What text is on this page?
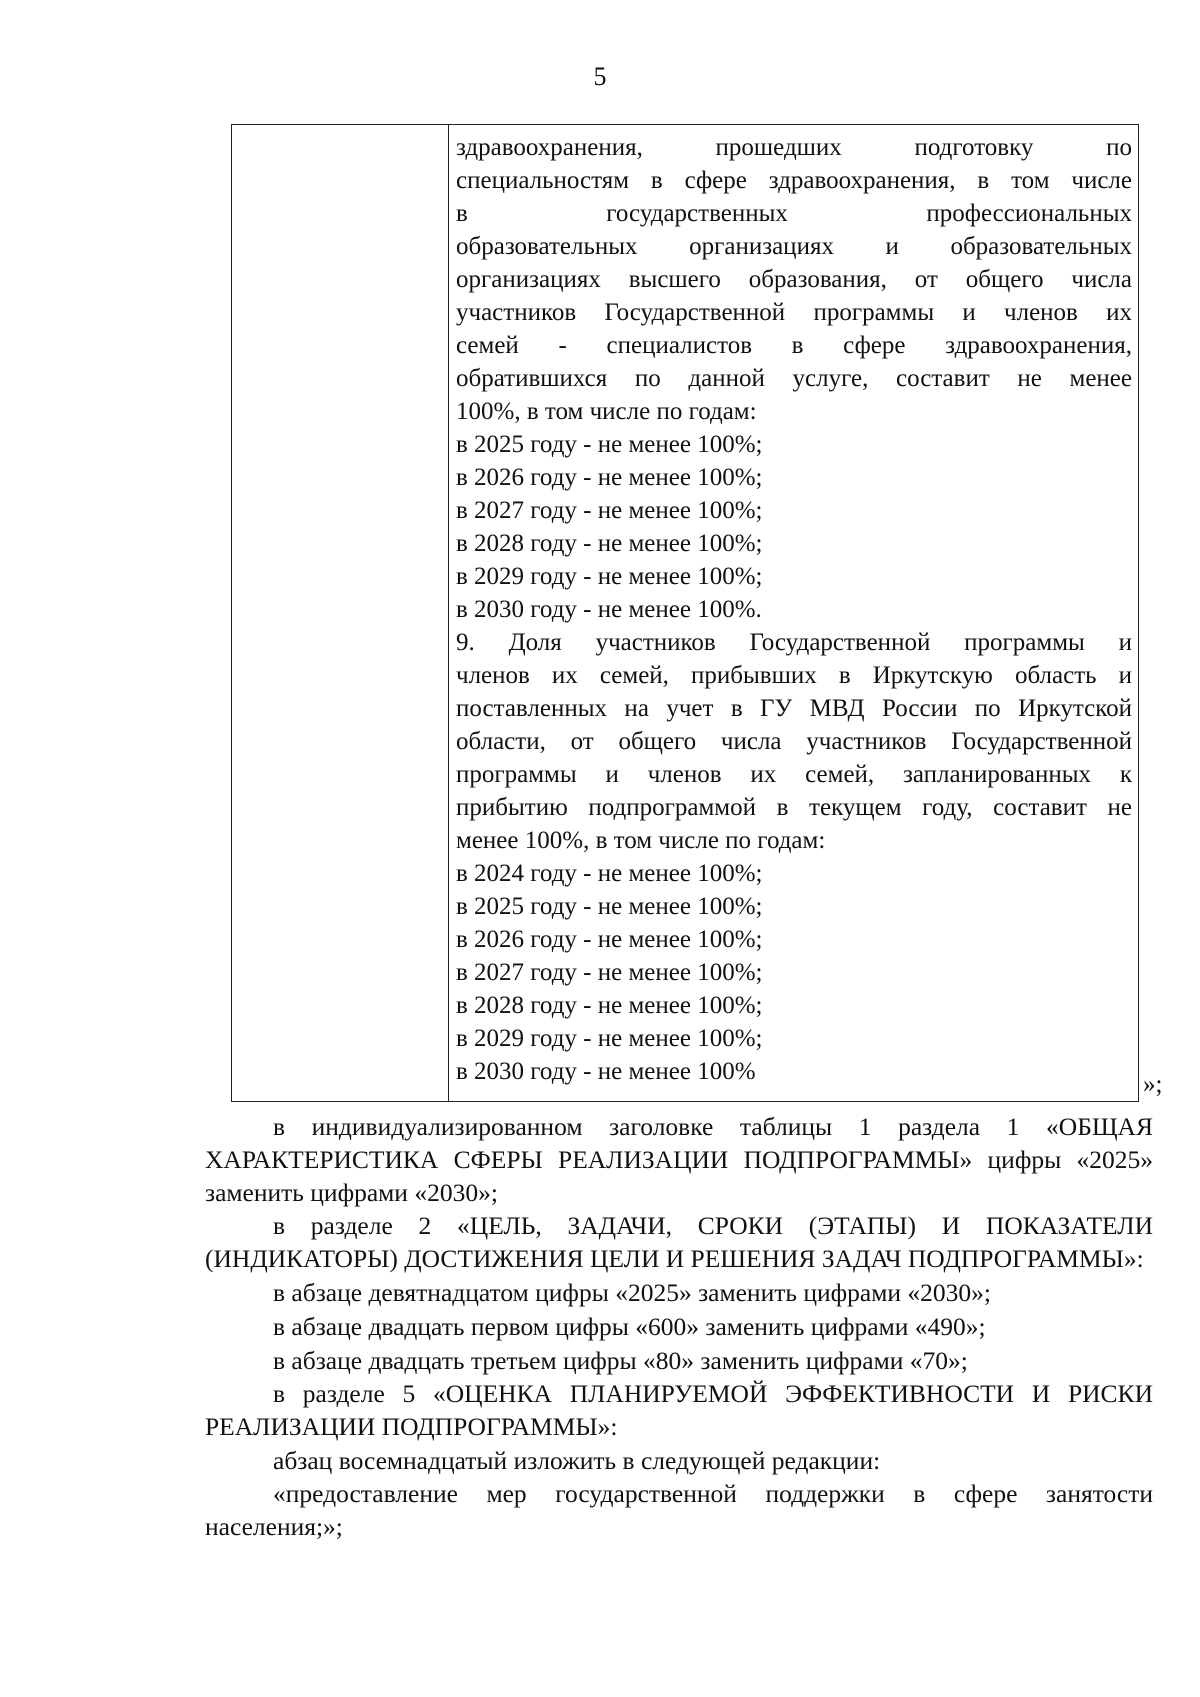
5
здравоохранения, прошедших подготовку по
специальностям в сфере здравоохранения, в том числе
в государственных профессиональных
образовательных организациях и образовательных
организациях высшего образования, от общего числа
участников Государственной программы и членов их
семей - специалистов в сфере здравоохранения,
обратившихся по данной услуге, составит не менее
100%, в том числе по годам:
в 2025 году - не менее 100%;
в 2026 году - не менее 100%;
в 2027 году - не менее 100%;
в 2028 году - не менее 100%;
в 2029 году - не менее 100%;
в 2030 году - не менее 100%.
9. Доля участников Государственной программы и
членов их семей, прибывших в Иркутскую область и
поставленных на учет в ГУ МВД России по Иркутской
области, от общего числа участников Государственной
программы и членов их семей, запланированных к
прибытию подпрограммой в текущем году, составит не
менее 100%, в том числе по годам:
в 2024 году - не менее 100%;
в 2025 году - не менее 100%;
в 2026 году - не менее 100%;
в 2027 году - не менее 100%;
в 2028 году - не менее 100%;
в 2029 году - не менее 100%;
в 2030 году - не менее 100%	»;

в индивидуализированном заголовке таблицы 1 раздела 1 «ОБЩАЯ ХАРАКТЕРИСТИКА СФЕРЫ РЕАЛИЗАЦИИ ПОДПРОГРАММЫ» цифры «2025» заменить цифрами «2030»;

в разделе 2 «ЦЕЛЬ, ЗАДАЧИ, СРОКИ (ЭТАПЫ) И ПОКАЗАТЕЛИ (ИНДИКАТОРЫ) ДОСТИЖЕНИЯ ЦЕЛИ И РЕШЕНИЯ ЗАДАЧ ПОДПРОГРАММЫ»:

в абзаце девятнадцатом цифры «2025» заменить цифрами «2030»;

в абзаце двадцать первом цифры «600» заменить цифрами «490»;

в абзаце двадцать третьем цифры «80» заменить цифрами «70»;

в разделе 5 «ОЦЕНКА ПЛАНИРУЕМОЙ ЭФФЕКТИВНОСТИ И РИСКИ РЕАЛИЗАЦИИ ПОДПРОГРАММЫ»:

абзац восемнадцатый изложить в следующей редакции:

«предоставление мер государственной поддержки в сфере занятости населения;»;
